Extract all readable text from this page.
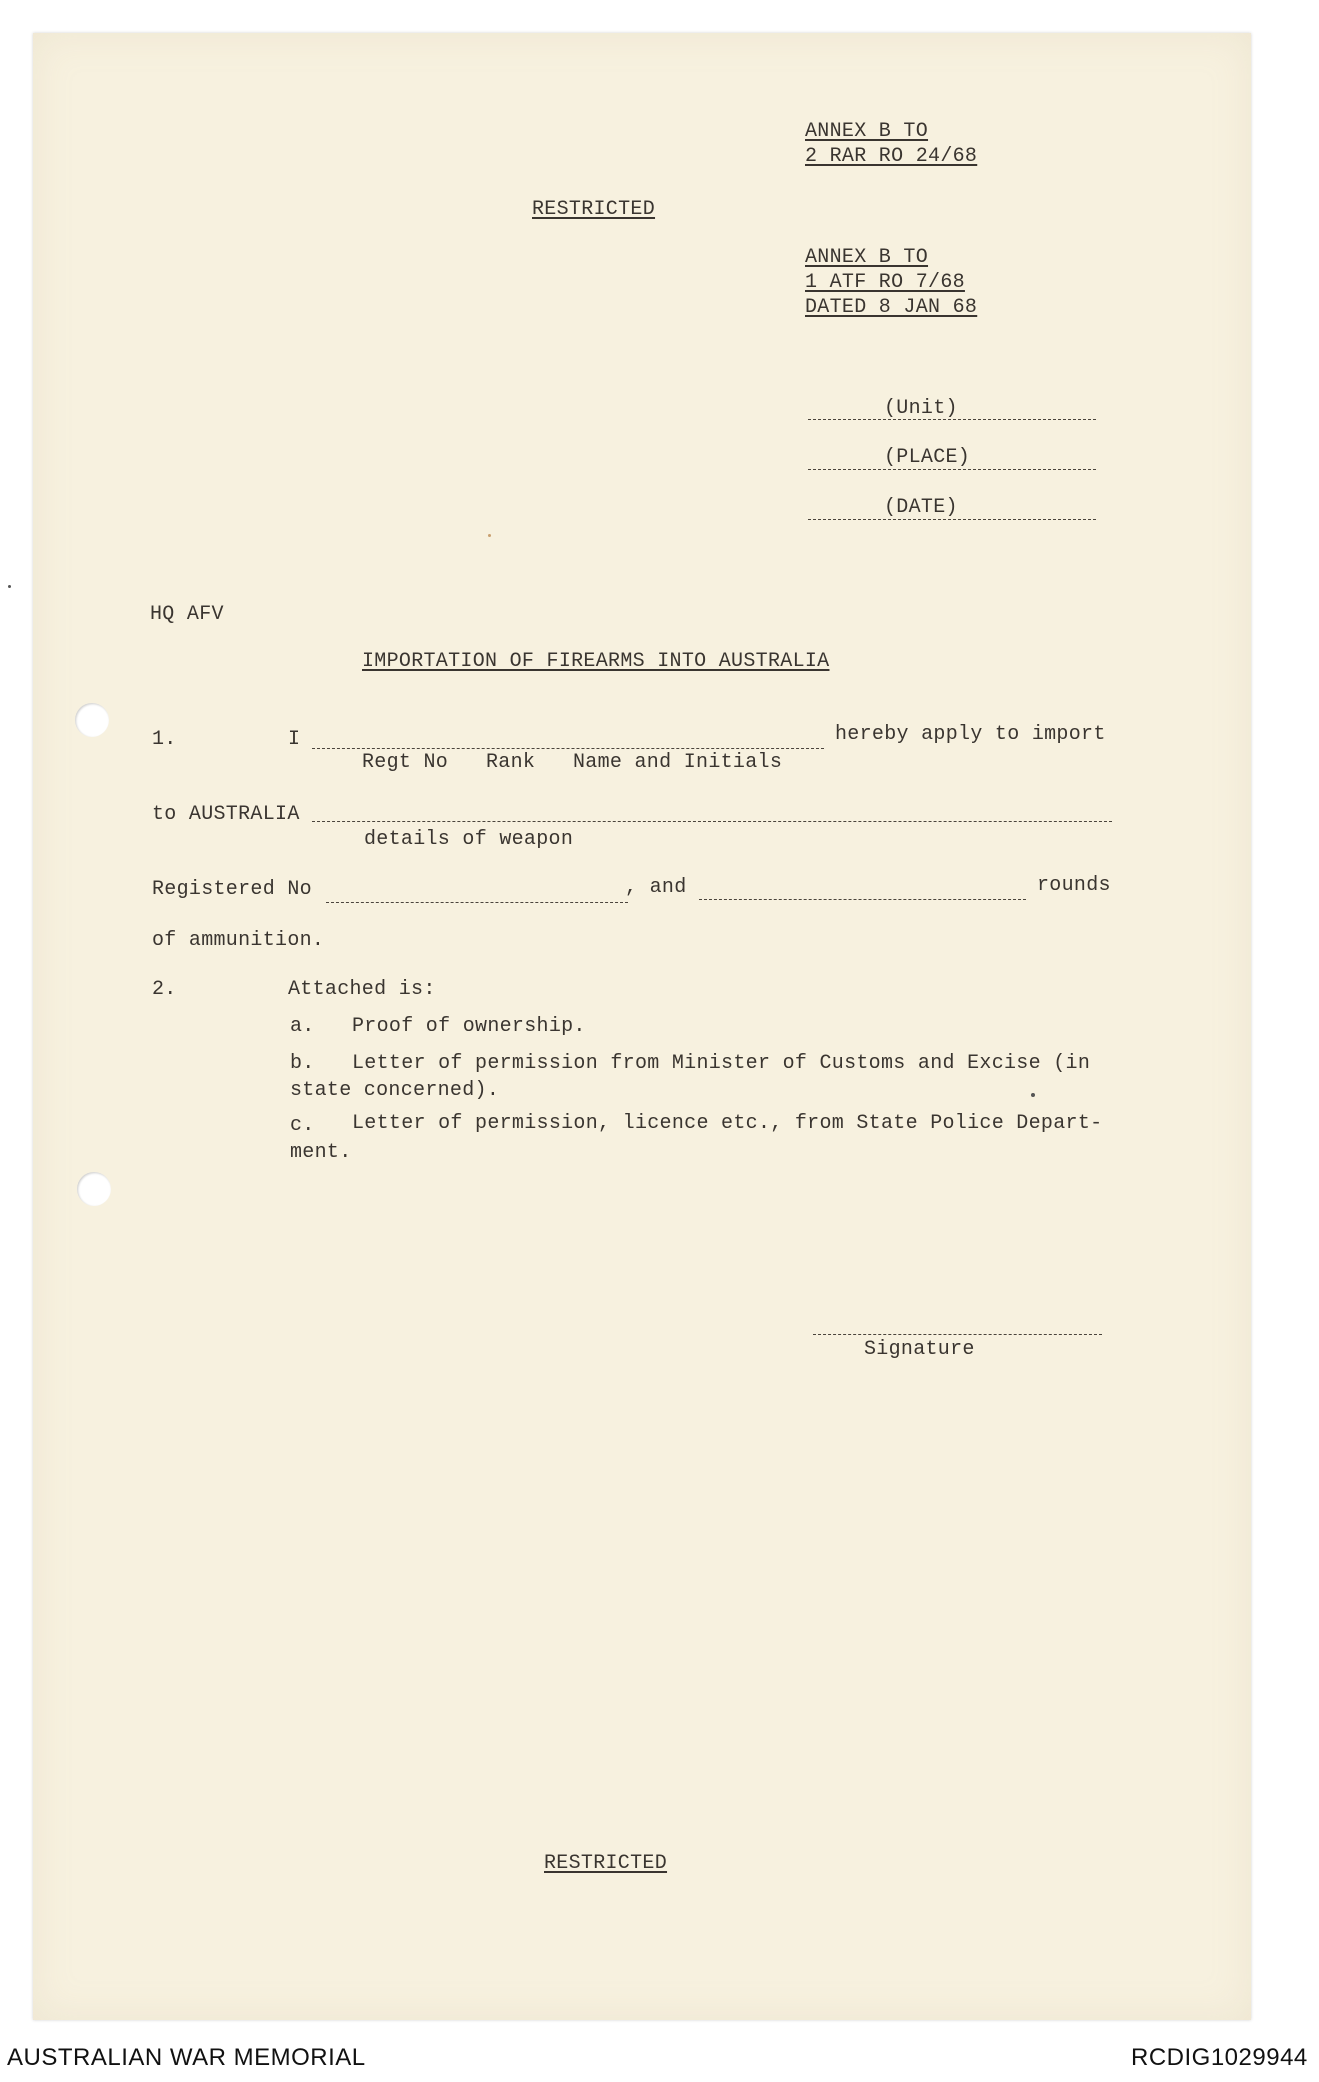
ANNEX B TO
2 RAR RO 24/68
RESTRICTED
ANNEX B TO
1 ATF RO 7/68
DATED 8 JAN 68
(Unit)
(PLACE)
(DATE)
HQ AFV
IMPORTATION OF FIREARMS INTO AUSTRALIA
1.	I	hereby apply to import
Regt No Rank Name and Initials
to AUSTRALIA
details of weapon
Registered No	, and	rounds
of ammunition.
2.	Attached is:
a. Proof of ownership.
b. Letter of permission from Minister of Customs and Excise (in
state concerned).
c. Letter of permission, licence etc., from State Police Depart-
ment.
Signature
RESTRICTED
AUSTRALIAN WAR MEMORIAL	RCDIG1029944
